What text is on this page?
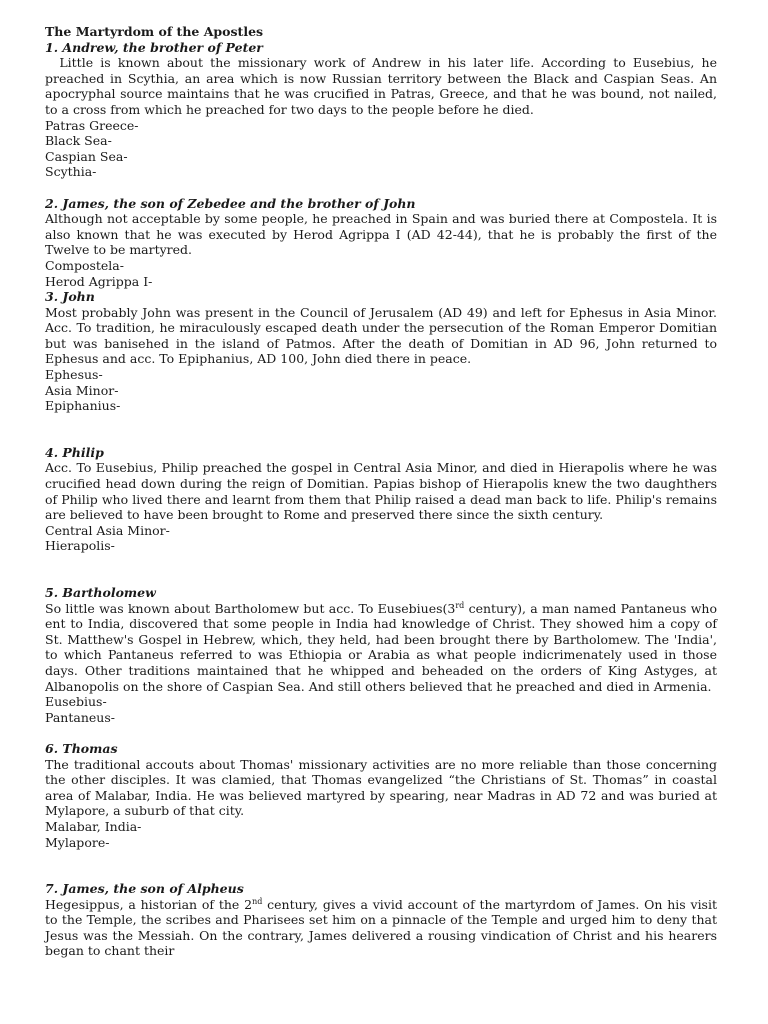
The Martyrdom of the Apostles
1. Andrew, the brother of Peter

Little is known about the missionary work of Andrew in his later life. According to Eusebius, he preached in Scythia, an area which is now Russian territory between the Black and Caspian Seas. An apocryphal source maintains that he was crucified in Patras, Greece, and that he was bound, not nailed, to a cross from which he preached for two days to the people before he died.

Patras Greece-
Black Sea-
Caspian Sea-
Scythia-
2. James, the son of Zebedee and the brother of John

Although not acceptable by some people, he preached in Spain and was buried there at Compostela. It is also known that he was executed by Herod Agrippa I (AD 42-44), that he is probably the first of the Twelve to be martyred.

Compostela-
Herod Agrippa I-
3. John

Most probably John was present in the Council of Jerusalem (AD 49) and left for Ephesus in Asia Minor. Acc. To tradition, he miraculously escaped death under the persecution of the Roman Emperor Domitian but was banisehed in the island of Patmos. After the death of Domitian in AD 96, John returned to Ephesus and acc. To Epiphanius, AD 100, John died there in peace.

Ephesus-
Asia Minor-
Epiphanius-
4. Philip

Acc. To Eusebius, Philip preached the gospel in Central Asia Minor, and died in Hierapolis where he was crucified head down during the reign of Domitian. Papias bishop of Hierapolis knew the two daughthers of Philip who lived there and learnt from them that Philip raised a dead man back to life. Philip's remains are believed to have been brought to Rome and preserved there since the sixth century.

Central Asia Minor-
Hierapolis-
5. Bartholomew

So little was known about Bartholomew but acc. To Eusebiues(3rd century), a man named Pantaneus who ent to India, discovered that some people in India had knowledge of Christ. They showed him a copy of St. Matthew's Gospel in Hebrew, which, they held, had been brought there by Bartholomew. The 'India', to which Pantaneus referred to was Ethiopia or Arabia as what people indicrimenately used in those days. Other traditions maintained that he whipped and beheaded on the orders of King Astyges, at Albanopolis on the shore of Caspian Sea. And still others believed that he preached and died in Armenia.

Eusebius-
Pantaneus-
6. Thomas

The traditional accouts about Thomas' missionary activities are no more reliable than those concerning the other disciples. It was clamied, that Thomas evangelized “the Christians of St. Thomas” in coastal area of Malabar, India. He was believed martyred by spearing, near Madras in AD 72 and was buried at Mylapore, a suburb of that city.

Malabar, India-
Mylapore-
7. James, the son of Alpheus

Hegesippus, a historian of the 2nd century, gives a vivid account of the martyrdom of James. On his visit to the Temple, the scribes and Pharisees set him on a pinnacle of the Temple and urged him to deny that Jesus was the Messiah. On the contrary, James delivered a rousing vindication of Christ and his hearers began to chant their
